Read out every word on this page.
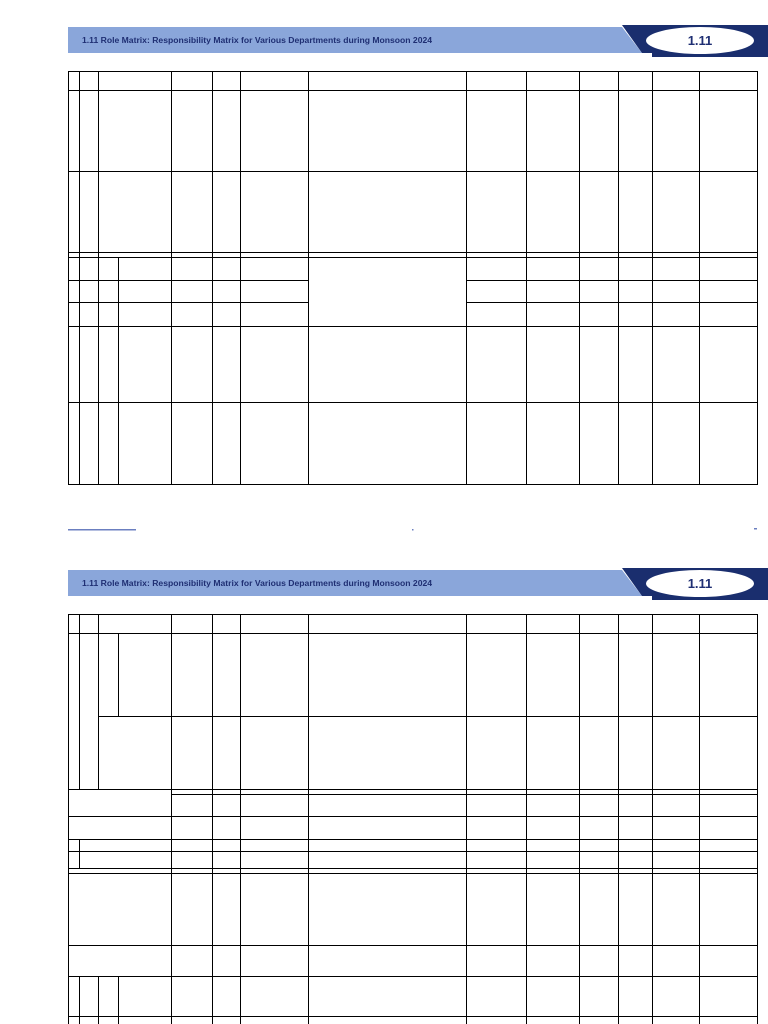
1.11 Role Matrix: Responsibility Matrix for Various Departments during Monsoon 2024	1.11
1.11 Role Matrix: Responsibility Matrix for Various Departments during Monsoon 2024	1.11
